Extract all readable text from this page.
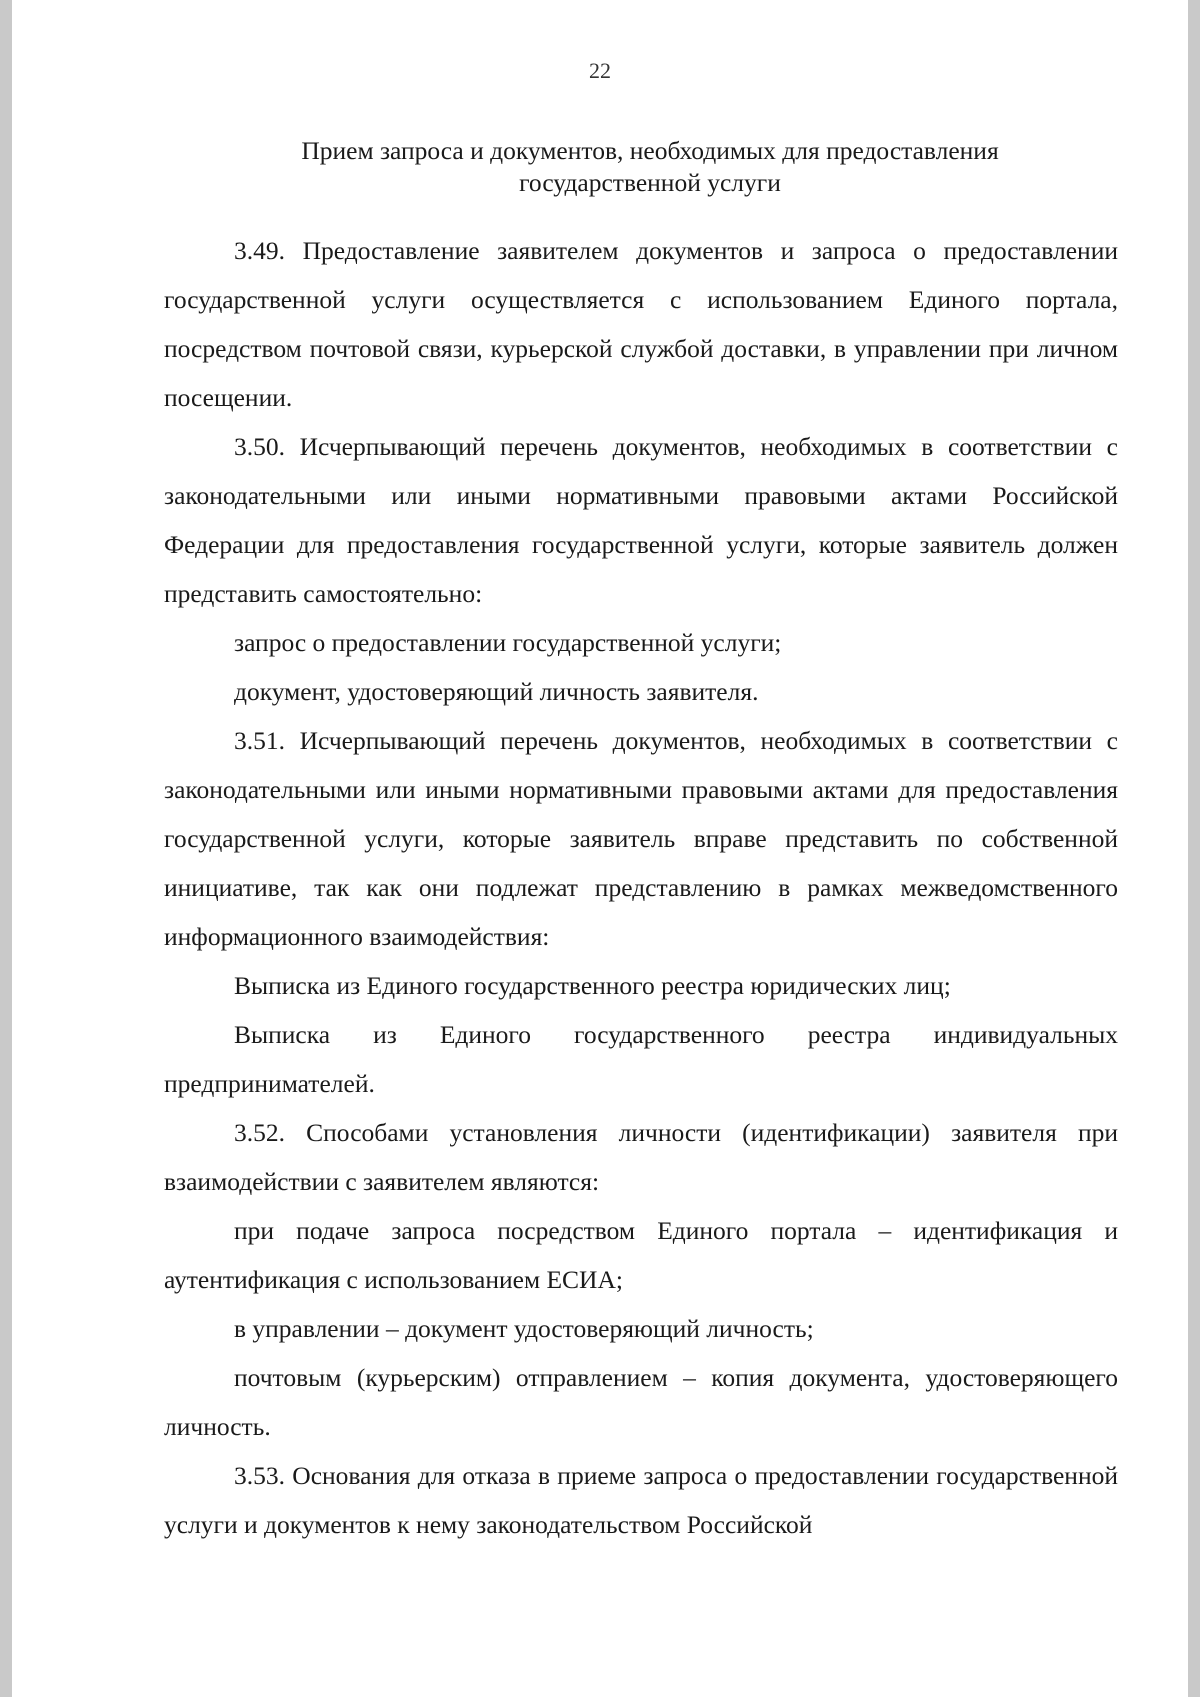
22
Прием запроса и документов, необходимых для предоставления
государственной услуги

3.49. Предоставление заявителем документов и запроса о предоставлении государственной услуги осуществляется с использованием Единого портала, посредством почтовой связи, курьерской службой доставки, в управлении при личном посещении.

3.50. Исчерпывающий перечень документов, необходимых в соответствии с законодательными или иными нормативными правовыми актами Российской Федерации для предоставления государственной услуги, которые заявитель должен представить самостоятельно:

запрос о предоставлении государственной услуги;

документ, удостоверяющий личность заявителя.

3.51. Исчерпывающий перечень документов, необходимых в соответствии с законодательными или иными нормативными правовыми актами для предоставления государственной услуги, которые заявитель вправе представить по собственной инициативе, так как они подлежат представлению в рамках межведомственного информационного взаимодействия:

Выписка из Единого государственного реестра юридических лиц;

Выписка из Единого государственного реестра индивидуальных предпринимателей.

3.52. Способами установления личности (идентификации) заявителя при взаимодействии с заявителем являются:

при подаче запроса посредством Единого портала – идентификация и аутентификация с использованием ЕСИА;

в управлении – документ удостоверяющий личность;

почтовым (курьерским) отправлением – копия документа, удостоверяющего личность.

3.53. Основания для отказа в приеме запроса о предоставлении государственной услуги и документов к нему законодательством Российской
